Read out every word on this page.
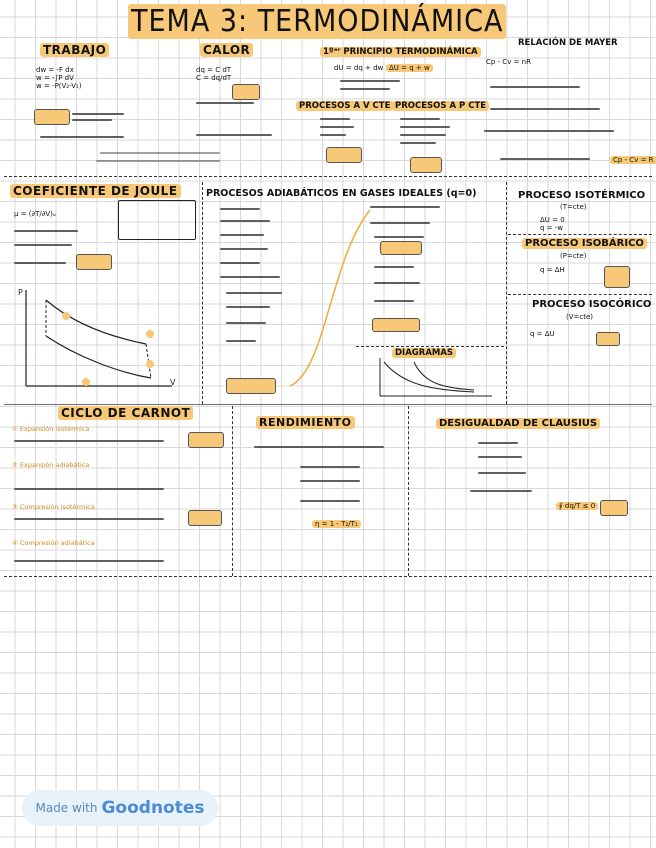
TEMA 3: TERMODINÁMICA
TRABAJO	CALOR	1ºᵉʳ PRINCIPIO TERMODINÁMICA
RELACIÓN DE MAYER
dw = -F dx
w = -∫P dV
w = -P(V₂-V₁)
dq = C dT
C = dq/dT
dU = dq + dw ΔU = q + w
PROCESOS A V CTE PROCESOS A P CTE
Cp - Cv = nR
Cp - Cv = R
COEFICIENTE DE JOULE
μ = (∂T/∂V)ᵤ
P
V
PROCESOS ADIABÁTICOS EN GASES IDEALES (q=0)
DIAGRAMAS
PROCESO ISOTÉRMICO
(T=cte)
ΔU = 0
q = -w
PROCESO ISOBÁRICO
(P=cte)
q = ΔH
PROCESO ISOCÓRICO
(V=cte)
q = ΔU
CICLO DE CARNOT
① Expansión isotérmica
② Expansión adiabática
③ Compresión isotérmica
④ Compresión adiabática
RENDIMIENTO
η = 1 - T₂/T₁
DESIGUALDAD DE CLAUSIUS
∮ dq/T ≤ 0
Made with Goodnotes
